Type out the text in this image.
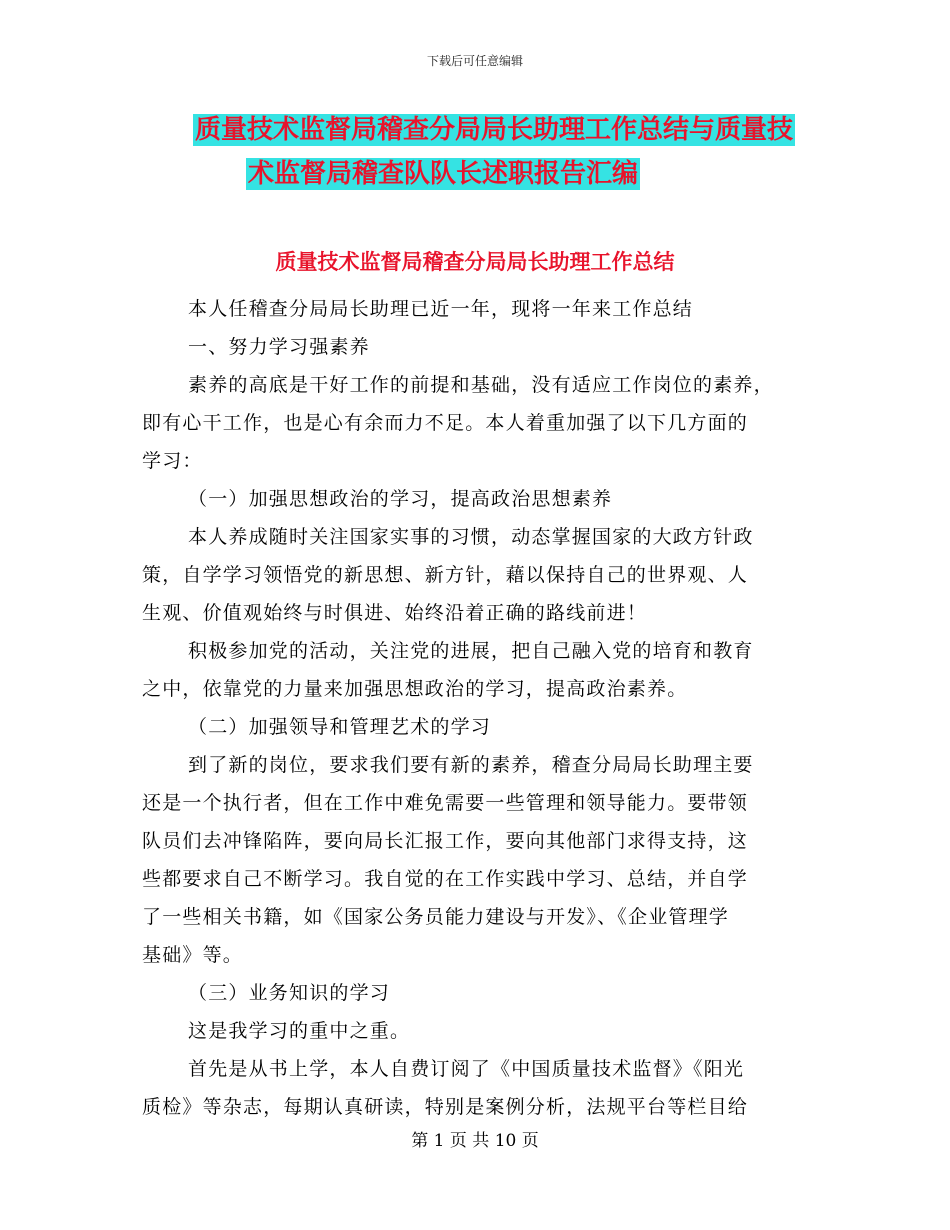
下载后可任意编辑
质量技术监督局稽查分局局长助理工作总结与质量技
术监督局稽查队队长述职报告汇编
质量技术监督局稽查分局局长助理工作总结
本人任稽查分局局长助理已近一年，现将一年来工作总结
一、努力学习强素养
素养的高底是干好工作的前提和基础，没有适应工作岗位的素养，
即有心干工作，也是心有余而力不足。本人着重加强了以下几方面的
学习：
（一）加强思想政治的学习，提高政治思想素养
本人养成随时关注国家实事的习惯，动态掌握国家的大政方针政
策，自学学习领悟党的新思想、新方针，藉以保持自己的世界观、人
生观、价值观始终与时俱进、始终沿着正确的路线前进！
积极参加党的活动，关注党的进展，把自己融入党的培育和教育
之中，依靠党的力量来加强思想政治的学习，提高政治素养。
（二）加强领导和管理艺术的学习
到了新的岗位，要求我们要有新的素养，稽查分局局长助理主要
还是一个执行者，但在工作中难免需要一些管理和领导能力。要带领
队员们去冲锋陷阵，要向局长汇报工作，要向其他部门求得支持，这
些都要求自己不断学习。我自觉的在工作实践中学习、总结，并自学
了一些相关书籍，如《国家公务员能力建设与开发》、《企业管理学
基础》等。
（三）业务知识的学习
这是我学习的重中之重。
首先是从书上学，本人自费订阅了《中国质量技术监督》《阳光
质检》等杂志，每期认真研读，特别是案例分析，法规平台等栏目给
第 1 页 共 10 页
